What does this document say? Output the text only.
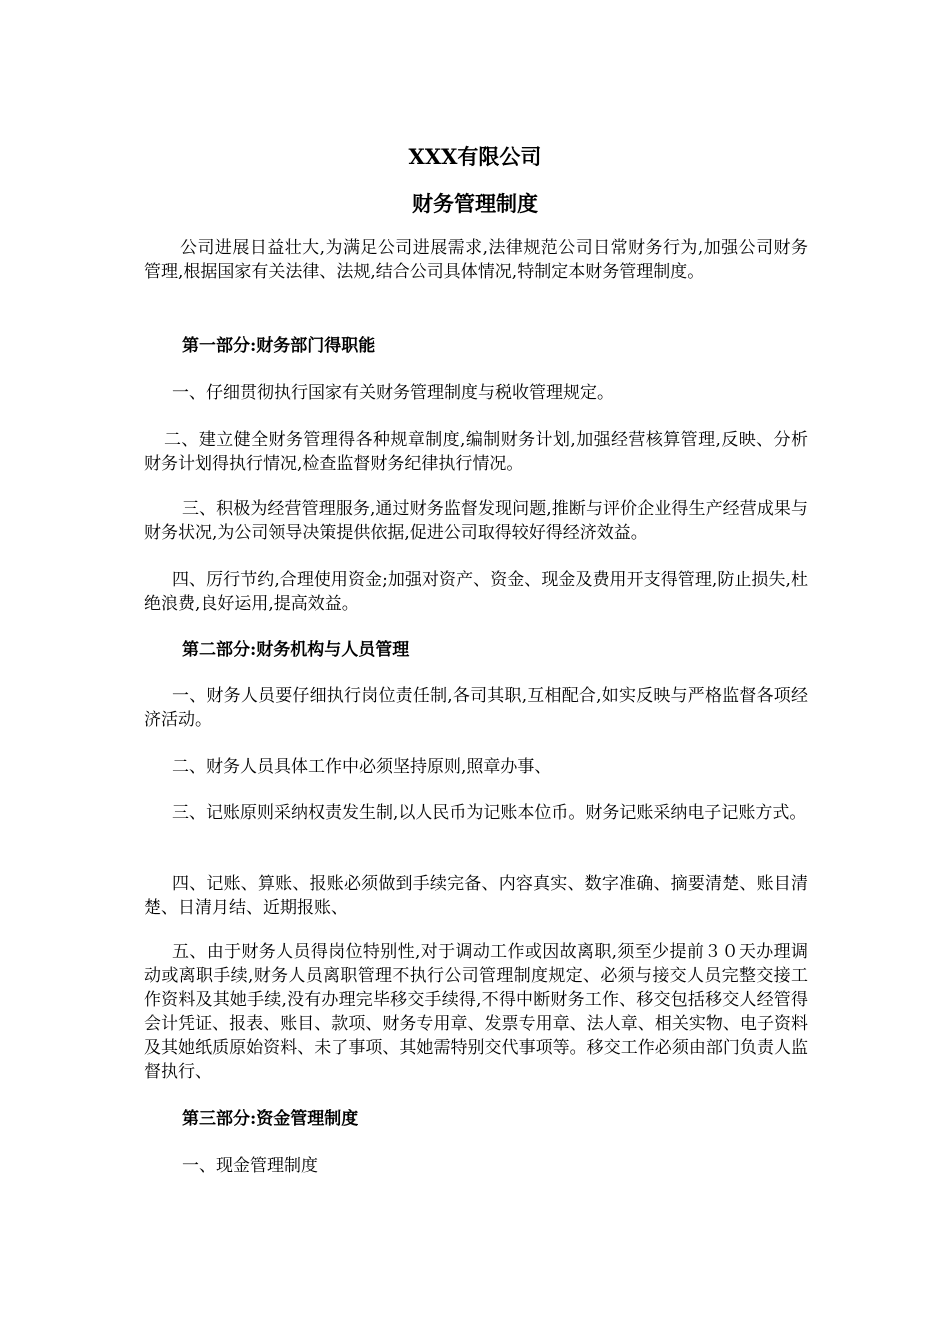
XXX有限公司
财务管理制度

公司进展日益壮大,为满足公司进展需求,法律规范公司日常财务行为,加强公司财务管理,根据国家有关法律、法规,结合公司具体情况,特制定本财务管理制度。

第一部分:财务部门得职能

一、仔细贯彻执行国家有关财务管理制度与税收管理规定。

二、建立健全财务管理得各种规章制度,编制财务计划,加强经营核算管理,反映、分析财务计划得执行情况,检查监督财务纪律执行情况。

三、积极为经营管理服务,通过财务监督发现问题,推断与评价企业得生产经营成果与财务状况,为公司领导决策提供依据,促进公司取得较好得经济效益。

四、厉行节约,合理使用资金;加强对资产、资金、现金及费用开支得管理,防止损失,杜绝浪费,良好运用,提高效益。

第二部分:财务机构与人员管理

一、财务人员要仔细执行岗位责任制,各司其职,互相配合,如实反映与严格监督各项经济活动。

二、财务人员具体工作中必须坚持原则,照章办事、

三、记账原则采纳权责发生制,以人民币为记账本位币。财务记账采纳电子记账方式。

四、记账、算账、报账必须做到手续完备、内容真实、数字准确、摘要清楚、账目清楚、日清月结、近期报账、

五、由于财务人员得岗位特别性,对于调动工作或因故离职,须至少提前３０天办理调动或离职手续,财务人员离职管理不执行公司管理制度规定、必须与接交人员完整交接工作资料及其她手续,没有办理完毕移交手续得,不得中断财务工作、移交包括移交人经管得会计凭证、报表、账目、款项、财务专用章、发票专用章、法人章、相关实物、电子资料及其她纸质原始资料、未了事项、其她需特别交代事项等。移交工作必须由部门负责人监督执行、

第三部分:资金管理制度

一、现金管理制度
